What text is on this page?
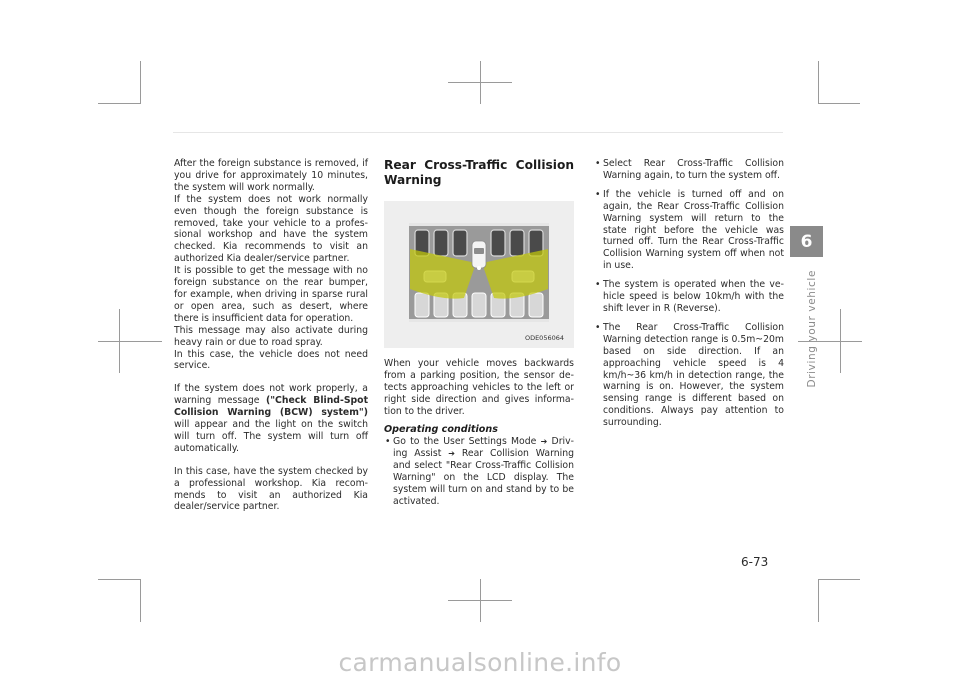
After the foreign substance is removed, if you drive for approximately 10 minutes, the system will work normally.

If the system does not work normally even though the foreign substance is removed, take your vehicle to a professional workshop and have the system checked. Kia recommends to visit an authorized Kia dealer/service partner.

It is possible to get the message with no foreign substance on the rear bumper, for example, when driving in sparse rural or open area, such as desert, where there is insufficient data for operation.

This message may also activate during heavy rain or due to road spray.

In this case, the vehicle does not need service.

If the system does not work properly, a warning message ("Check Blind-Spot Collision Warning (BCW) system") will appear and the light on the switch will turn off. The system will turn off automatically.

In this case, have the system checked by a professional workshop. Kia recommends to visit an authorized Kia dealer/service partner.

Rear Cross-Traffic Collision Warning
ODE056064

When your vehicle moves backwards from a parking position, the sensor detects approaching vehicles to the left or right side direction and gives information to the driver.

Operating conditions
• Go to the User Settings Mode ➔ Driving Assist ➔ Rear Collision Warning and select "Rear Cross-Traffic Collision Warning" on the LCD display. The system will turn on and stand by to be activated.
• Select Rear Cross-Traffic Collision Warning again, to turn the system off.
• If the vehicle is turned off and on again, the Rear Cross-Traffic Collision Warning system will return to the state right before the vehicle was turned off. Turn the Rear Cross-Traffic Collision Warning system off when not in use.
• The system is operated when the vehicle speed is below 10km/h with the shift lever in R (Reverse).
• The Rear Cross-Traffic Collision Warning detection range is 0.5m~20m based on side direction. If an approaching vehicle speed is 4 km/h~36 km/h in detection range, the warning is on. However, the system sensing range is different based on conditions. Always pay attention to surrounding.
6
Driving your vehicle
6-73
carmanualsonline.info
